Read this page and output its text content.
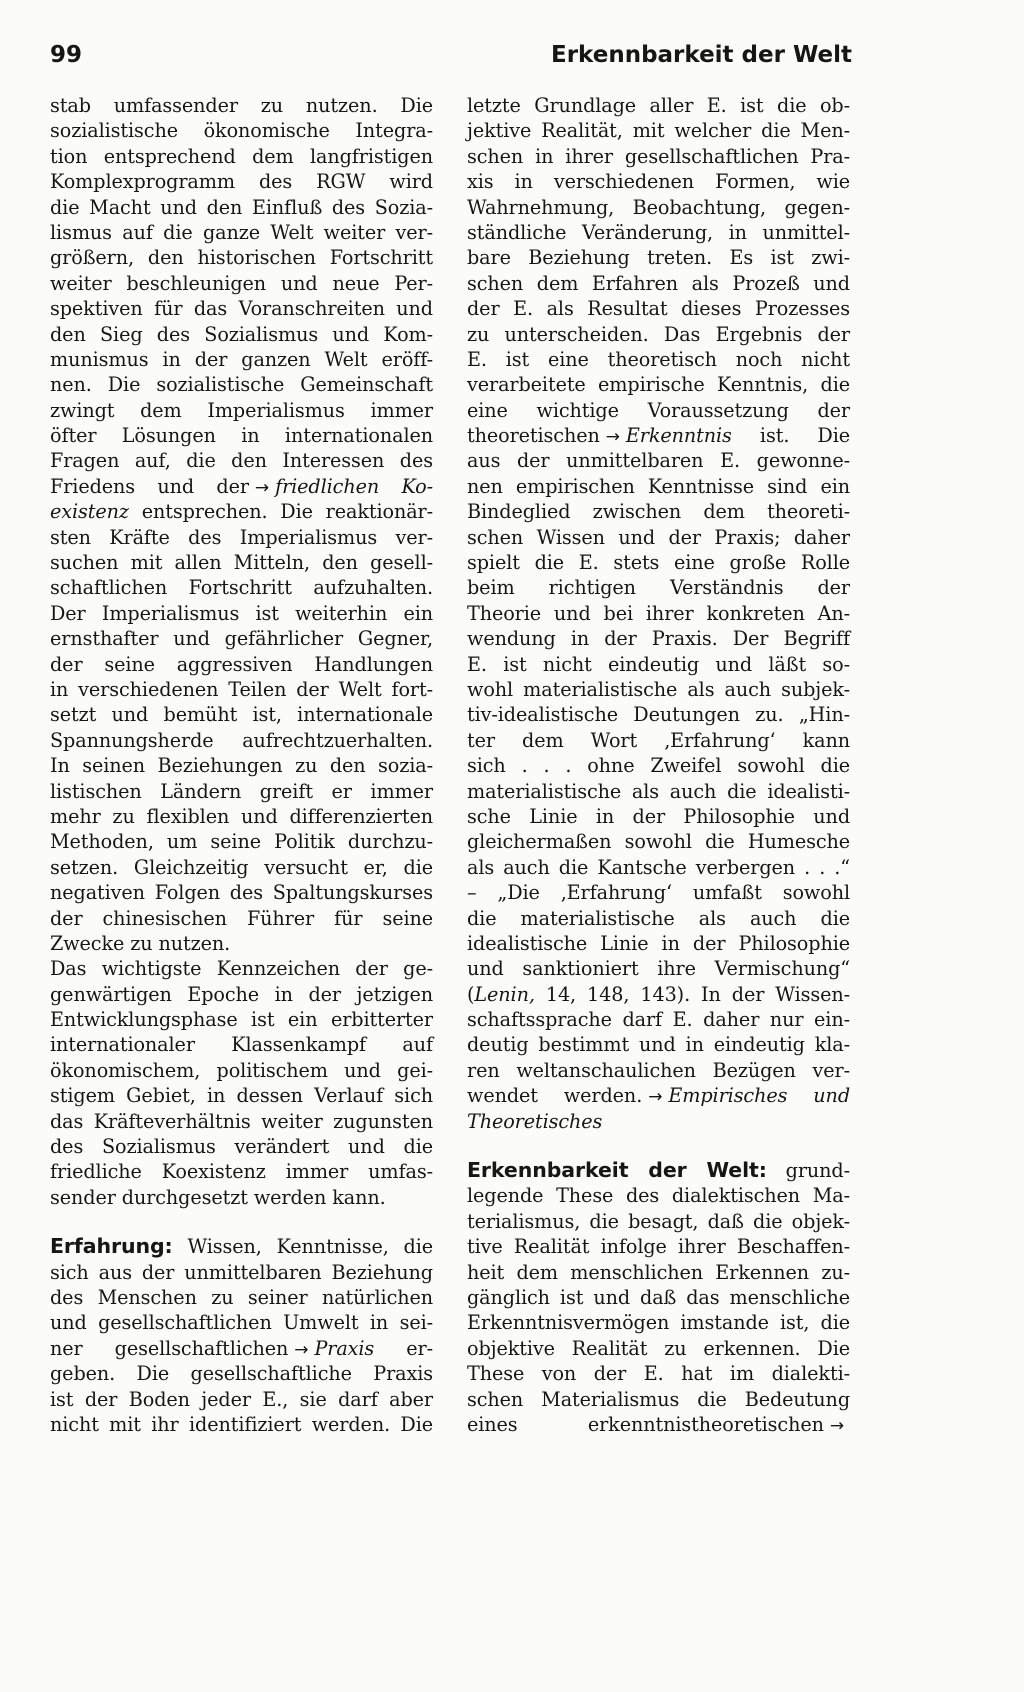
99	Erkennbarkeit der Welt
stab umfassender zu nutzen. Die
sozialistische ökonomische Integra-
tion entsprechend dem langfristigen
Komplexprogramm des RGW wird
die Macht und den Einfluß des Sozia-
lismus auf die ganze Welt weiter ver-
größern, den historischen Fortschritt
weiter beschleunigen und neue Per-
spektiven für das Voranschreiten und
den Sieg des Sozialismus und Kom-
munismus in der ganzen Welt eröff-
nen. Die sozialistische Gemeinschaft
zwingt dem Imperialismus immer
öfter Lösungen in internationalen
Fragen auf, die den Interessen des
Friedens und der → friedlichen Ko-
existenz entsprechen. Die reaktionär-
sten Kräfte des Imperialismus ver-
suchen mit allen Mitteln, den gesell-
schaftlichen Fortschritt aufzuhalten.
Der Imperialismus ist weiterhin ein
ernsthafter und gefährlicher Gegner,
der seine aggressiven Handlungen
in verschiedenen Teilen der Welt fort-
setzt und bemüht ist, internationale
Spannungsherde aufrechtzuerhalten.
In seinen Beziehungen zu den sozia-
listischen Ländern greift er immer
mehr zu flexiblen und differenzierten
Methoden, um seine Politik durchzu-
setzen. Gleichzeitig versucht er, die
negativen Folgen des Spaltungskurses
der chinesischen Führer für seine
Zwecke zu nutzen.
Das wichtigste Kennzeichen der ge-
genwärtigen Epoche in der jetzigen
Entwicklungsphase ist ein erbitterter
internationaler Klassenkampf auf
ökonomischem, politischem und gei-
stigem Gebiet, in dessen Verlauf sich
das Kräfteverhältnis weiter zugunsten
des Sozialismus verändert und die
friedliche Koexistenz immer umfas-
sender durchgesetzt werden kann.
Erfahrung: Wissen, Kenntnisse, die
sich aus der unmittelbaren Beziehung
des Menschen zu seiner natürlichen
und gesellschaftlichen Umwelt in sei-
ner gesellschaftlichen → Praxis er-
geben. Die gesellschaftliche Praxis
ist der Boden jeder E., sie darf aber
nicht mit ihr identifiziert werden. Die
letzte Grundlage aller E. ist die ob-
jektive Realität, mit welcher die Men-
schen in ihrer gesellschaftlichen Pra-
xis in verschiedenen Formen, wie
Wahrnehmung, Beobachtung, gegen-
ständliche Veränderung, in unmittel-
bare Beziehung treten. Es ist zwi-
schen dem Erfahren als Prozeß und
der E. als Resultat dieses Prozesses
zu unterscheiden. Das Ergebnis der
E. ist eine theoretisch noch nicht
verarbeitete empirische Kenntnis, die
eine wichtige Voraussetzung der
theoretischen → Erkenntnis ist. Die
aus der unmittelbaren E. gewonne-
nen empirischen Kenntnisse sind ein
Bindeglied zwischen dem theoreti-
schen Wissen und der Praxis; daher
spielt die E. stets eine große Rolle
beim richtigen Verständnis der
Theorie und bei ihrer konkreten An-
wendung in der Praxis. Der Begriff
E. ist nicht eindeutig und läßt so-
wohl materialistische als auch subjek-
tiv-idealistische Deutungen zu. „Hin-
ter dem Wort ‚Erfahrung‘ kann
sich . . . ohne Zweifel sowohl die
materialistische als auch die idealisti-
sche Linie in der Philosophie und
gleichermaßen sowohl die Humesche
als auch die Kantsche verbergen . . .“
– „Die ‚Erfahrung‘ umfaßt sowohl
die materialistische als auch die
idealistische Linie in der Philosophie
und sanktioniert ihre Vermischung“
(Lenin, 14, 148, 143). In der Wissen-
schaftssprache darf E. daher nur ein-
deutig bestimmt und in eindeutig kla-
ren weltanschaulichen Bezügen ver-
wendet werden. → Empirisches und
Theoretisches
Erkennbarkeit der Welt: grund-
legende These des dialektischen Ma-
terialismus, die besagt, daß die objek-
tive Realität infolge ihrer Beschaffen-
heit dem menschlichen Erkennen zu-
gänglich ist und daß das menschliche
Erkenntnisvermögen imstande ist, die
objektive Realität zu erkennen. Die
These von der E. hat im dialekti-
schen Materialismus die Bedeutung
eines erkenntnistheoretischen →
